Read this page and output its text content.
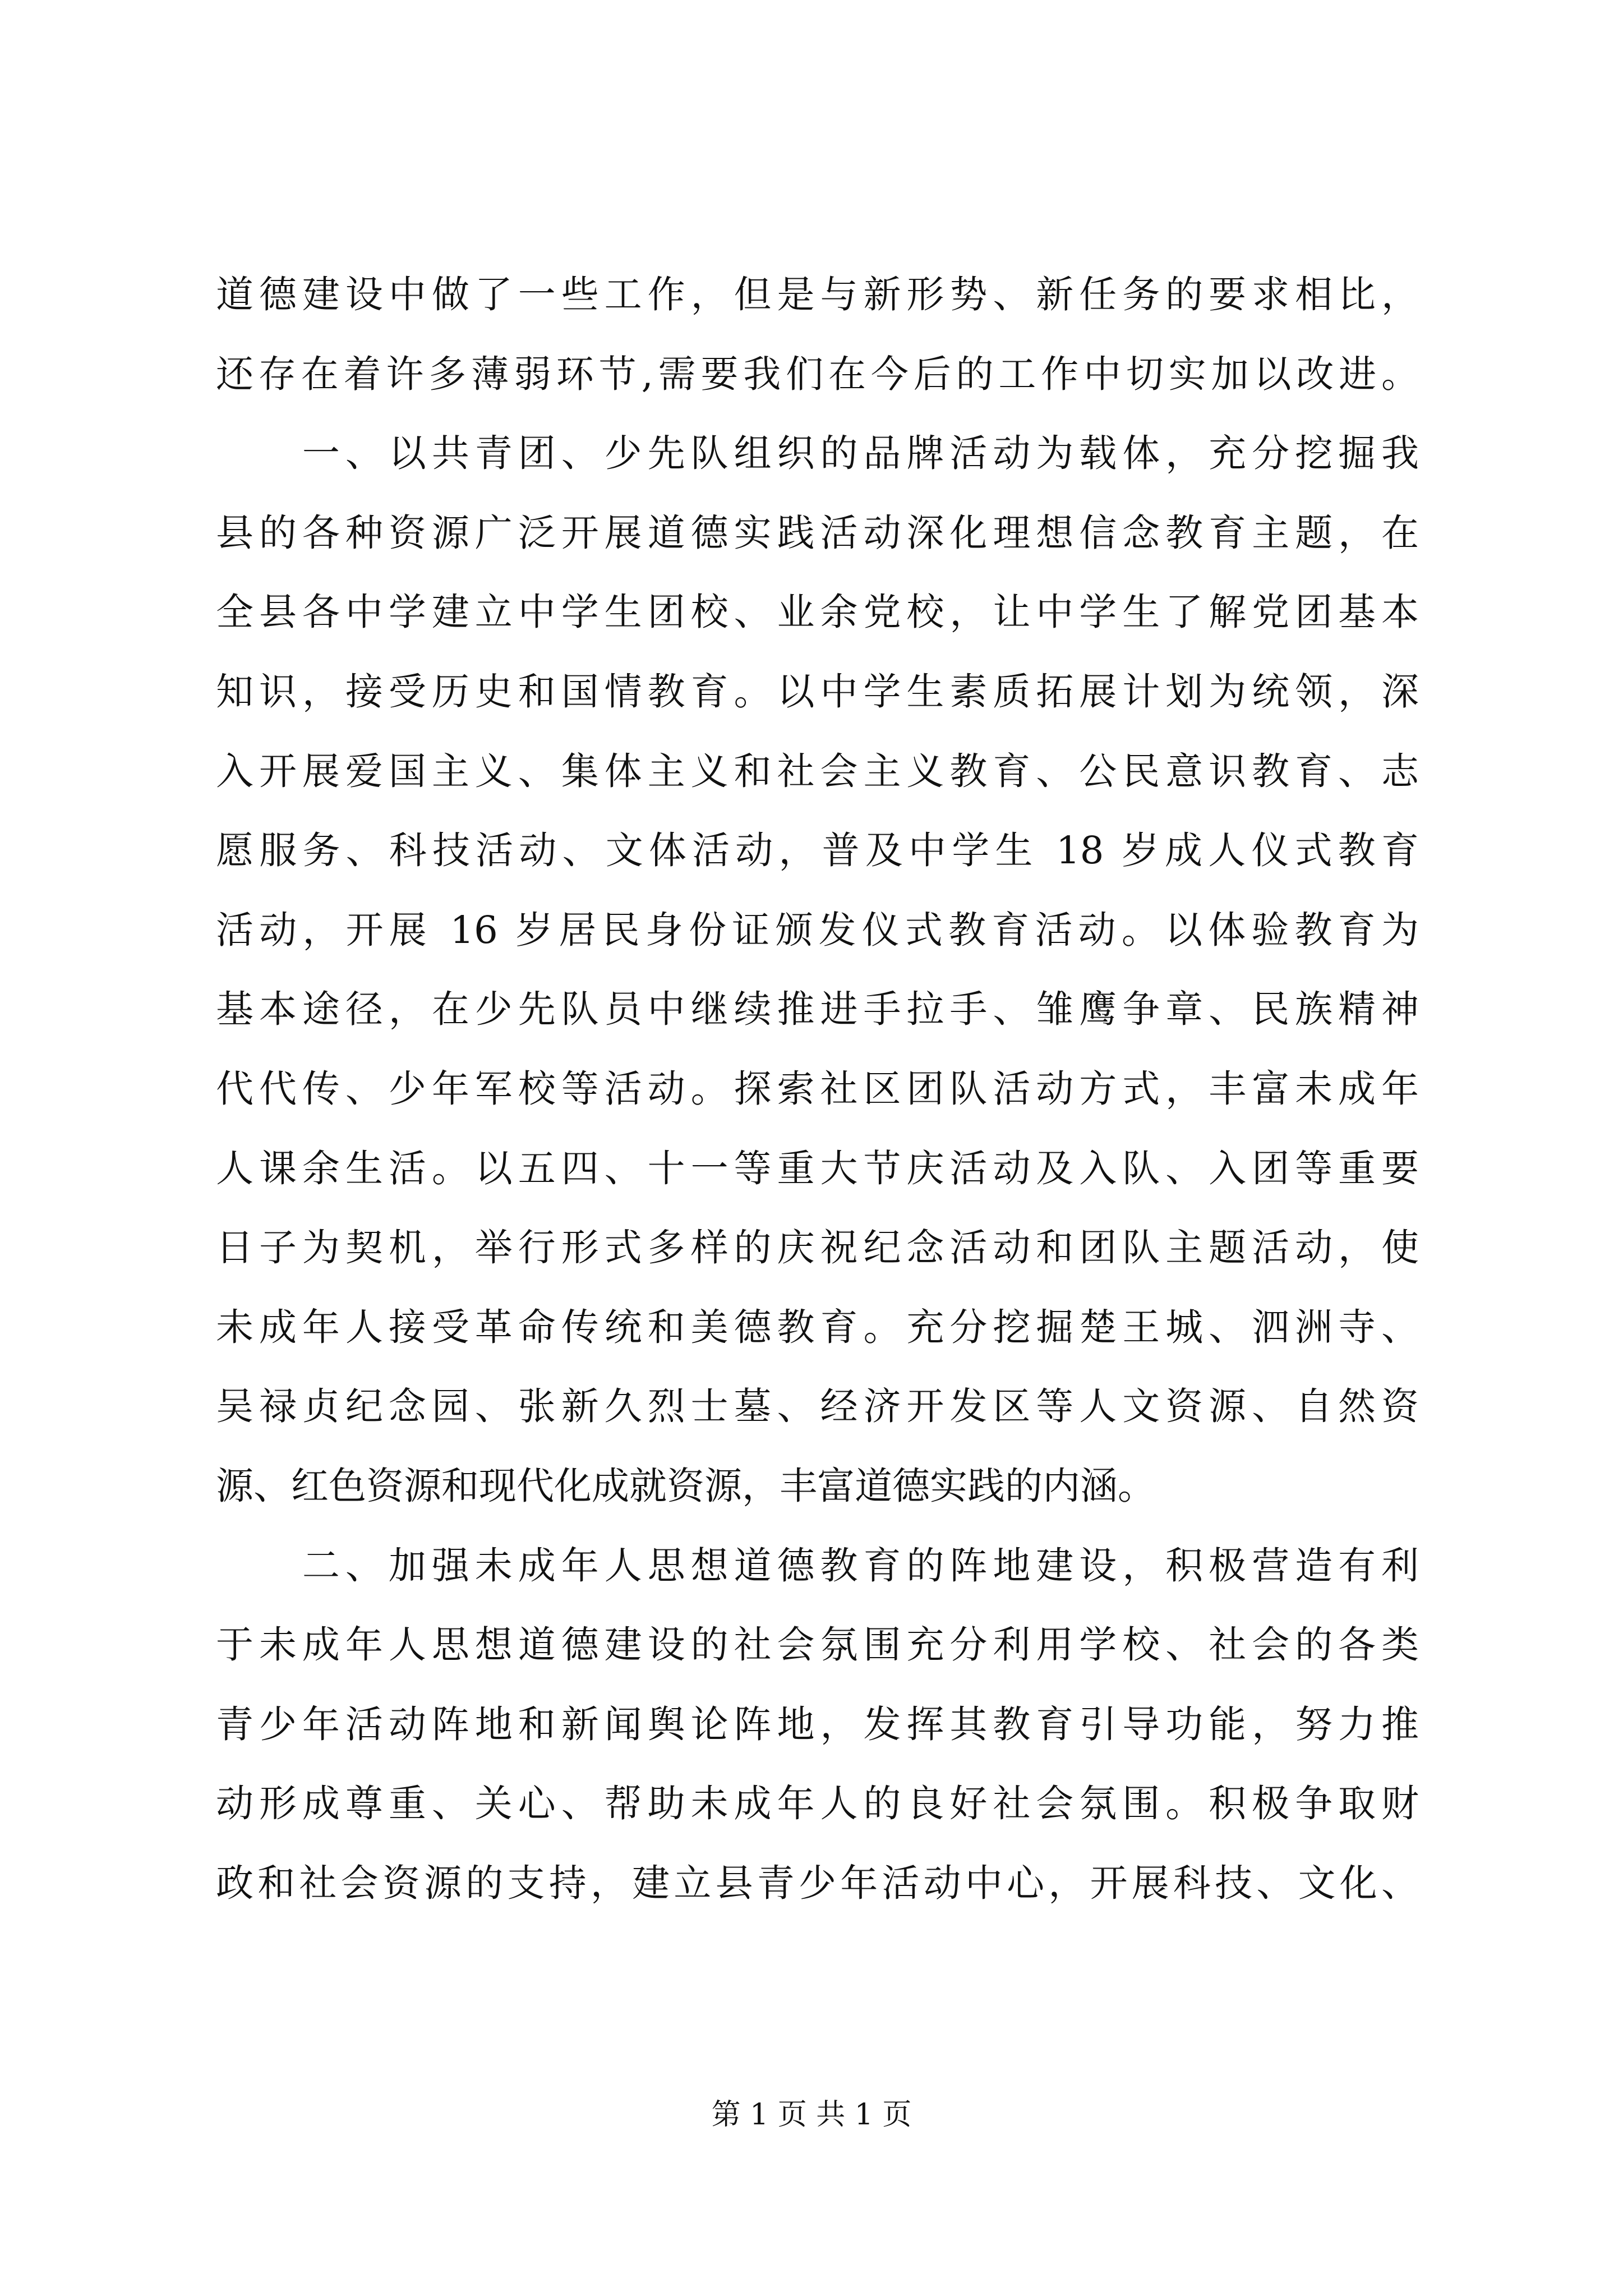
道德建设中做了一些工作，但是与新形势、新任务的要求相比，
还存在着许多薄弱环节,需要我们在今后的工作中切实加以改进。
　　一、以共青团、少先队组织的品牌活动为载体，充分挖掘我
县的各种资源广泛开展道德实践活动深化理想信念教育主题，在
全县各中学建立中学生团校、业余党校，让中学生了解党团基本
知识，接受历史和国情教育。以中学生素质拓展计划为统领，深
入开展爱国主义、集体主义和社会主义教育、公民意识教育、志
愿服务、科技活动、文体活动，普及中学生 18 岁成人仪式教育
活动，开展 16 岁居民身份证颁发仪式教育活动。以体验教育为
基本途径，在少先队员中继续推进手拉手、雏鹰争章、民族精神
代代传、少年军校等活动。探索社区团队活动方式，丰富未成年
人课余生活。以五四、十一等重大节庆活动及入队、入团等重要
日子为契机，举行形式多样的庆祝纪念活动和团队主题活动，使
未成年人接受革命传统和美德教育。充分挖掘楚王城、泗洲寺、
吴禄贞纪念园、张新久烈士墓、经济开发区等人文资源、自然资
源、红色资源和现代化成就资源，丰富道德实践的内涵。
　　二、加强未成年人思想道德教育的阵地建设，积极营造有利
于未成年人思想道德建设的社会氛围充分利用学校、社会的各类
青少年活动阵地和新闻舆论阵地，发挥其教育引导功能，努力推
动形成尊重、关心、帮助未成年人的良好社会氛围。积极争取财
政和社会资源的支持，建立县青少年活动中心，开展科技、文化、
第 1 页 共 1 页
